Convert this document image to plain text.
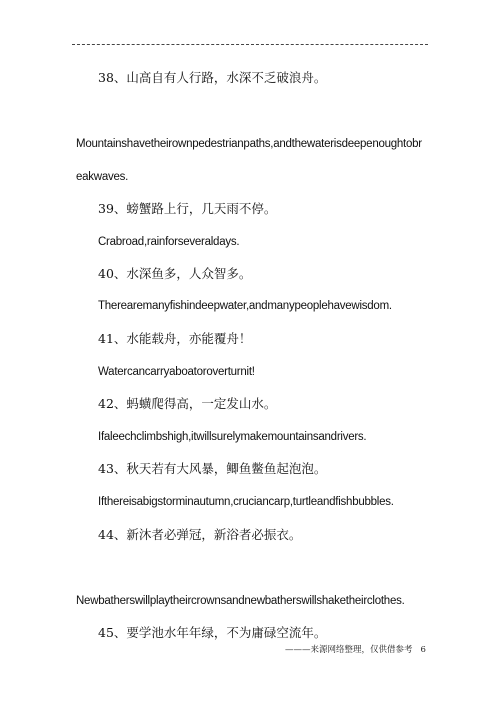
38、山高自有人行路，水深不乏破浪舟。
Mountainshavetheirownpedestrianpaths,andthewaterisdeepenoughtobr
eakwaves.
39、螃蟹路上行，几天雨不停。
Crabroad,rainforseveraldays.
40、水深鱼多，人众智多。
Therearemanyfishindeepwater,andmanypeoplehavewisdom.
41、水能载舟，亦能覆舟！
Watercancarryaboatoroverturnit!
42、蚂蟥爬得高，一定发山水。
Ifaleechclimbshigh,itwillsurelymakemountainsandrivers.
43、秋天若有大风暴，鲫鱼鳖鱼起泡泡。
Ifthereisabigstorminautumn,cruciancarp,turtleandfishbubbles.
44、新沐者必弹冠，新浴者必振衣。
Newbatherswillplaytheircrownsandnewbatherswillshaketheirclothes.
45、要学池水年年绿，不为庸碌空流年。
———来源网络整理，仅供借参考 6
